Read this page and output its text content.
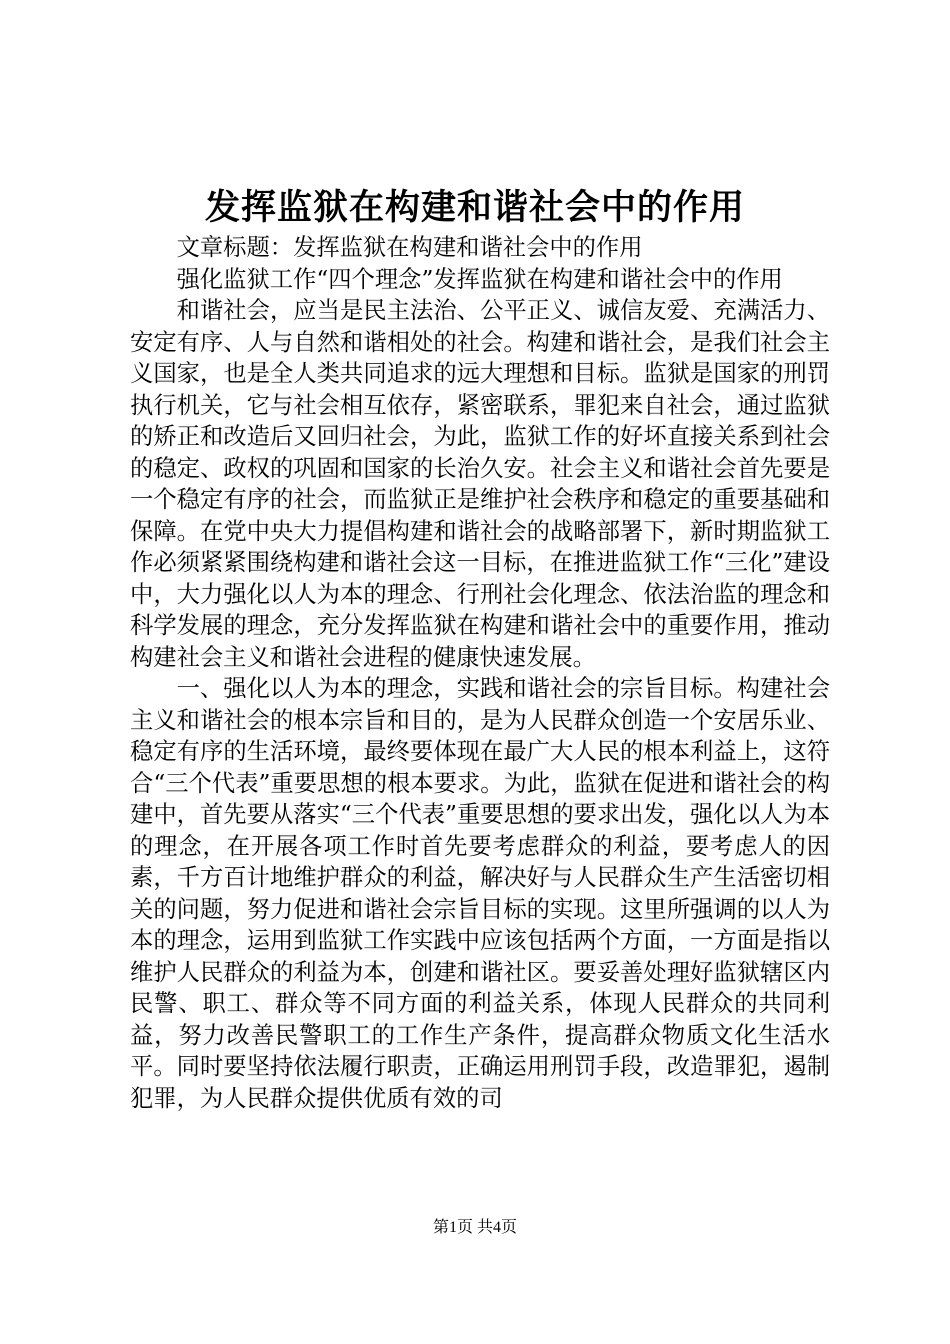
发挥监狱在构建和谐社会中的作用

文章标题：发挥监狱在构建和谐社会中的作用

强化监狱工作“四个理念”发挥监狱在构建和谐社会中的作用

和谐社会，应当是民主法治、公平正义、诚信友爱、充满活力、安定有序、人与自然和谐相处的社会。构建和谐社会，是我们社会主义国家，也是全人类共同追求的远大理想和目标。监狱是国家的刑罚执行机关，它与社会相互依存，紧密联系，罪犯来自社会，通过监狱的矫正和改造后又回归社会，为此，监狱工作的好坏直接关系到社会的稳定、政权的巩固和国家的长治久安。社会主义和谐社会首先要是一个稳定有序的社会，而监狱正是维护社会秩序和稳定的重要基础和保障。在党中央大力提倡构建和谐社会的战略部署下，新时期监狱工作必须紧紧围绕构建和谐社会这一目标，在推进监狱工作“三化”建设中，大力强化以人为本的理念、行刑社会化理念、依法治监的理念和科学发展的理念，充分发挥监狱在构建和谐社会中的重要作用，推动构建社会主义和谐社会进程的健康快速发展。

一、强化以人为本的理念，实践和谐社会的宗旨目标。构建社会主义和谐社会的根本宗旨和目的，是为人民群众创造一个安居乐业、稳定有序的生活环境，最终要体现在最广大人民的根本利益上，这符合“三个代表”重要思想的根本要求。为此，监狱在促进和谐社会的构建中，首先要从落实“三个代表”重要思想的要求出发，强化以人为本的理念，在开展各项工作时首先要考虑群众的利益，要考虑人的因素，千方百计地维护群众的利益，解决好与人民群众生产生活密切相关的问题，努力促进和谐社会宗旨目标的实现。这里所强调的以人为本的理念，运用到监狱工作实践中应该包括两个方面，一方面是指以维护人民群众的利益为本，创建和谐社区。要妥善处理好监狱辖区内民警、职工、群众等不同方面的利益关系，体现人民群众的共同利益，努力改善民警职工的工作生产条件，提高群众物质文化生活水平。同时要坚持依法履行职责，正确运用刑罚手段，改造罪犯，遏制犯罪，为人民群众提供优质有效的司

第1页 共4页
